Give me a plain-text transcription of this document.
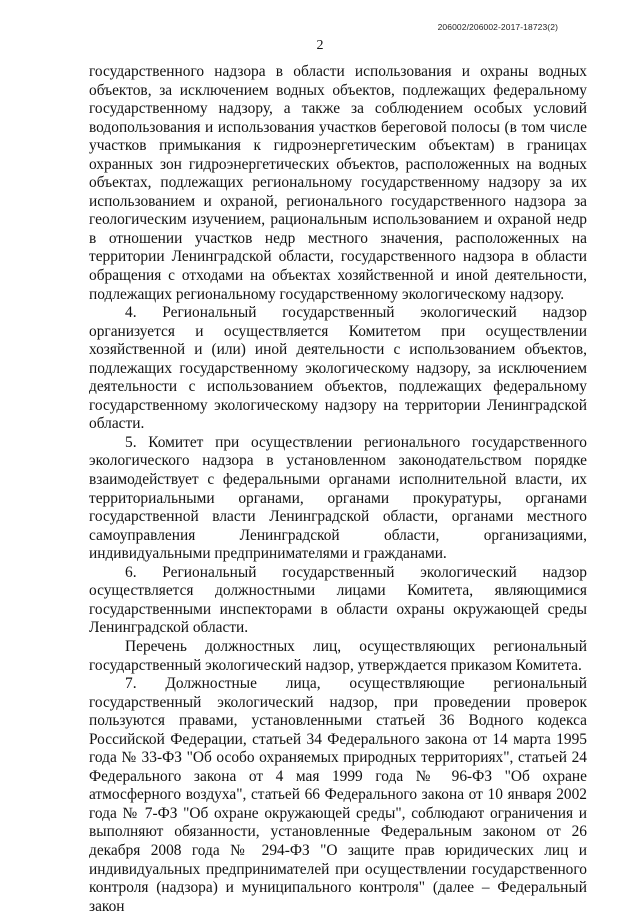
206002/206002-2017-18723(2)
2

государственного надзора в области использования и охраны водных объектов, за исключением водных объектов, подлежащих федеральному государственному надзору, а также за соблюдением особых условий водопользования и использования участков береговой полосы (в том числе участков примыкания к гидроэнергетическим объектам) в границах охранных зон гидроэнергетических объектов, расположенных на водных объектах, подлежащих региональному государственному надзору за их использованием и охраной, регионального государственного надзора за геологическим изучением, рациональным использованием и охраной недр в отношении участков недр местного значения, расположенных на территории Ленинградской области, государственного надзора в области обращения с отходами на объектах хозяйственной и иной деятельности, подлежащих региональному государственному экологическому надзору.

4. Региональный государственный экологический надзор организуется и осуществляется Комитетом при осуществлении хозяйственной и (или) иной деятельности с использованием объектов, подлежащих государственному экологическому надзору, за исключением деятельности с использованием объектов, подлежащих федеральному государственному экологическому надзору на территории Ленинградской области.

5. Комитет при осуществлении регионального государственного экологического надзора в установленном законодательством порядке взаимодействует с федеральными органами исполнительной власти, их территориальными органами, органами прокуратуры, органами государственной власти Ленинградской области, органами местного самоуправления Ленинградской области, организациями, индивидуальными предпринимателями и гражданами.

6. Региональный государственный экологический надзор осуществляется должностными лицами Комитета, являющимися государственными инспекторами в области охраны окружающей среды Ленинградской области.

Перечень должностных лиц, осуществляющих региональный государственный экологический надзор, утверждается приказом Комитета.

7. Должностные лица, осуществляющие региональный государственный экологический надзор, при проведении проверок пользуются правами, установленными статьей 36 Водного кодекса Российской Федерации, статьей 34 Федерального закона от 14 марта 1995 года № 33-ФЗ "Об особо охраняемых природных территориях", статьей 24 Федерального закона от 4 мая 1999 года № 96-ФЗ "Об охране атмосферного воздуха", статьей 66 Федерального закона от 10 января 2002 года № 7-ФЗ "Об охране окружающей среды", соблюдают ограничения и выполняют обязанности, установленные Федеральным законом от 26 декабря 2008 года № 294-ФЗ "О защите прав юридических лиц и индивидуальных предпринимателей при осуществлении государственного контроля (надзора) и муниципального контроля" (далее – Федеральный закон
